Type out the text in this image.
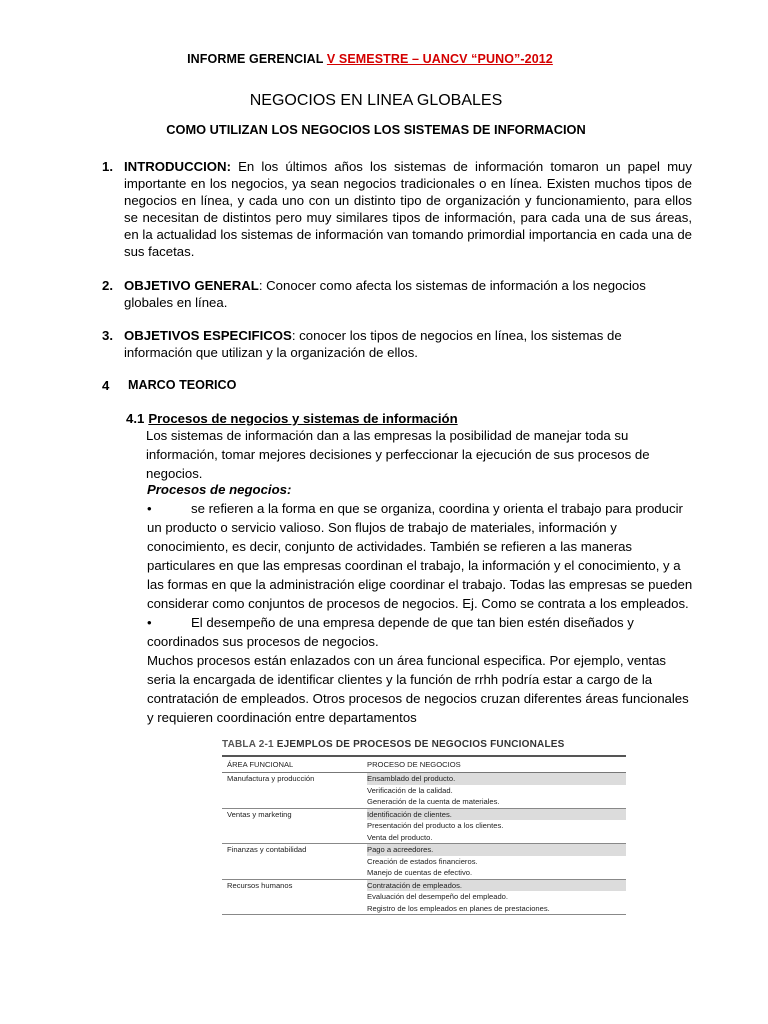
INFORME GERENCIAL V SEMESTRE – UANCV “PUNO”-2012
NEGOCIOS EN LINEA GLOBALES
COMO UTILIZAN LOS NEGOCIOS LOS SISTEMAS DE INFORMACION
1. INTRODUCCION: En los últimos años los sistemas de información tomaron un papel muy importante en los negocios, ya sean negocios tradicionales o en línea. Existen muchos tipos de negocios en línea, y cada uno con un distinto tipo de organización y funcionamiento, para ellos se necesitan de distintos pero muy similares tipos de información, para cada una de sus áreas, en la actualidad los sistemas de información van tomando primordial importancia en cada una de sus facetas.
2. OBJETIVO GENERAL: Conocer como afecta los sistemas de información a los negocios globales en línea.
3. OBJETIVOS ESPECIFICOS: conocer los tipos de negocios en línea, los sistemas de información que utilizan y la organización de ellos.
4 MARCO TEORICO
4.1 Procesos de negocios y sistemas de información
Los sistemas de información dan a las empresas la posibilidad de manejar toda su información, tomar mejores decisiones y perfeccionar la ejecución de sus procesos de negocios.
Procesos de negocios:
•	se refieren a la forma en que se organiza, coordina y orienta el trabajo para producir un producto o servicio valioso. Son flujos de trabajo de materiales, información y conocimiento, es decir, conjunto de actividades. También se refieren a las maneras particulares en que las empresas coordinan el trabajo, la información y el conocimiento, y a las formas en que la administración elige coordinar el trabajo. Todas las empresas se pueden considerar como conjuntos de procesos de negocios. Ej. Como se contrata a los empleados.
•	El desempeño de una empresa depende de que tan bien estén diseñados y coordinados sus procesos de negocios.
Muchos procesos están enlazados con un área funcional especifica. Por ejemplo, ventas seria la encargada de identificar clientes y la función de rrhh podría estar a cargo de la contratación de empleados. Otros procesos de negocios cruzan diferentes áreas funcionales y requieren coordinación entre departamentos
TABLA 2-1 EJEMPLOS DE PROCESOS DE NEGOCIOS FUNCIONALES
ÁREA FUNCIONAL	PROCESO DE NEGOCIOS
Manufactura y producción	Ensamblado del producto.
Verificación de la calidad.
Generación de la cuenta de materiales.
Ventas y marketing	Identificación de clientes.
Presentación del producto a los clientes.
Venta del producto.
Finanzas y contabilidad	Pago a acreedores.
Creación de estados financieros.
Manejo de cuentas de efectivo.
Recursos humanos	Contratación de empleados.
Evaluación del desempeño del empleado.
Registro de los empleados en planes de prestaciones.
